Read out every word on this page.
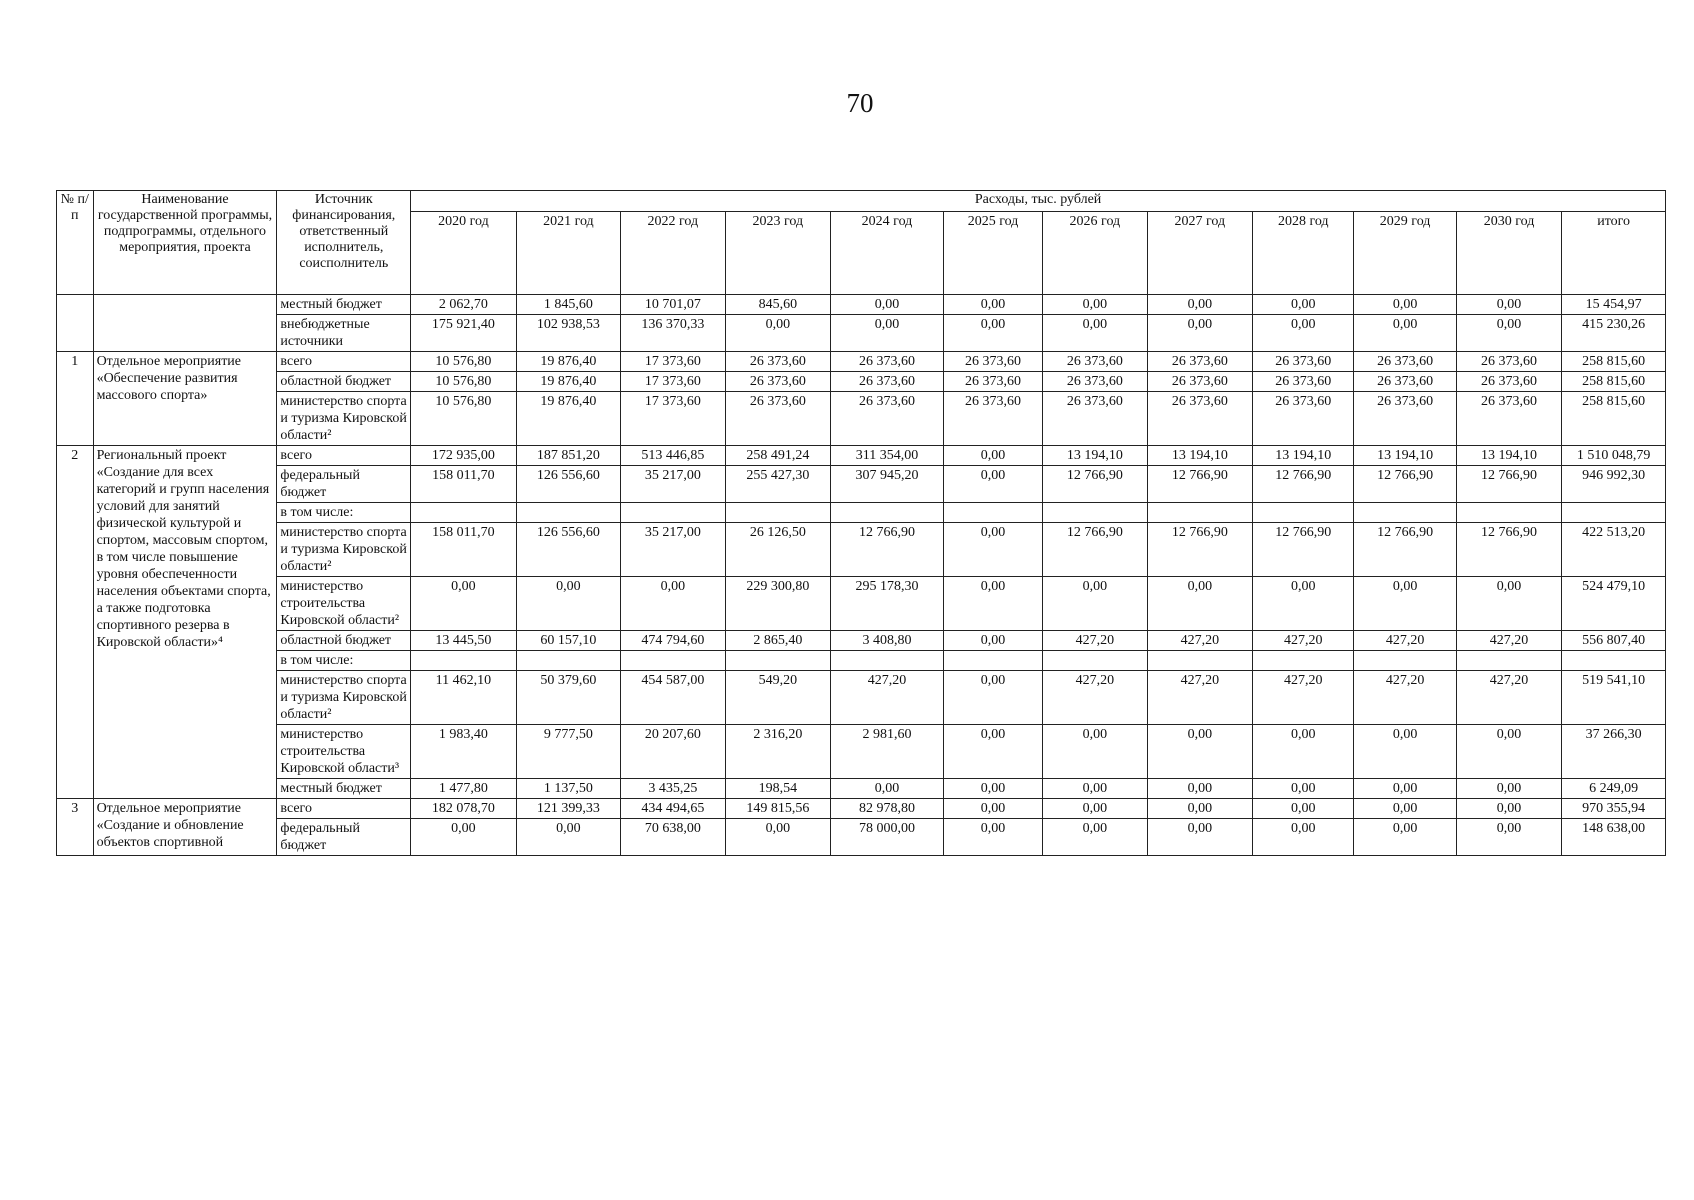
70
№ п/п	Наименование государственной программы, подпрограммы, отдельного мероприятия, проекта	Источник финансирования, ответственный исполнитель, соисполнитель	Расходы, тыс. рублей											
			2020 год	2021 год	2022 год	2023 год	2024 год	2025 год	2026 год	2027 год	2028 год	2029 год	2030 год	итого
		местный бюджет	2 062,70	1 845,60	10 701,07	845,60	0,00	0,00	0,00	0,00	0,00	0,00	0,00	15 454,97
		внебюджетные источники	175 921,40	102 938,53	136 370,33	0,00	0,00	0,00	0,00	0,00	0,00	0,00	0,00	415 230,26
1	Отдельное мероприятие «Обеспечение развития массового спорта»	всего	10 576,80	19 876,40	17 373,60	26 373,60	26 373,60	26 373,60	26 373,60	26 373,60	26 373,60	26 373,60	26 373,60	258 815,60
		областной бюджет	10 576,80	19 876,40	17 373,60	26 373,60	26 373,60	26 373,60	26 373,60	26 373,60	26 373,60	26 373,60	26 373,60	258 815,60
		министерство спорта и туризма Кировской области²	10 576,80	19 876,40	17 373,60	26 373,60	26 373,60	26 373,60	26 373,60	26 373,60	26 373,60	26 373,60	26 373,60	258 815,60
2	Региональный проект «Создание для всех категорий и групп населения условий для занятий физической культурой и спортом, массовым спортом, в том числе повышение уровня обеспеченности населения объектами спорта, а также подготовка спортивного резерва в Кировской области»⁴	всего	172 935,00	187 851,20	513 446,85	258 491,24	311 354,00	0,00	13 194,10	13 194,10	13 194,10	13 194,10	13 194,10	1 510 048,79
		федеральный бюджет	158 011,70	126 556,60	35 217,00	255 427,30	307 945,20	0,00	12 766,90	12 766,90	12 766,90	12 766,90	12 766,90	946 992,30
		в том числе:												
		министерство спорта и туризма Кировской области²	158 011,70	126 556,60	35 217,00	26 126,50	12 766,90	0,00	12 766,90	12 766,90	12 766,90	12 766,90	12 766,90	422 513,20
		министерство строительства Кировской области²	0,00	0,00	0,00	229 300,80	295 178,30	0,00	0,00	0,00	0,00	0,00	0,00	524 479,10
		областной бюджет	13 445,50	60 157,10	474 794,60	2 865,40	3 408,80	0,00	427,20	427,20	427,20	427,20	427,20	556 807,40
		в том числе:												
		министерство спорта и туризма Кировской области²	11 462,10	50 379,60	454 587,00	549,20	427,20	0,00	427,20	427,20	427,20	427,20	427,20	519 541,10
		министерство строительства Кировской области³	1 983,40	9 777,50	20 207,60	2 316,20	2 981,60	0,00	0,00	0,00	0,00	0,00	0,00	37 266,30
		местный бюджет	1 477,80	1 137,50	3 435,25	198,54	0,00	0,00	0,00	0,00	0,00	0,00	0,00	6 249,09
3	Отдельное мероприятие «Создание и обновление объектов спортивной	всего	182 078,70	121 399,33	434 494,65	149 815,56	82 978,80	0,00	0,00	0,00	0,00	0,00	0,00	970 355,94
		федеральный бюджет	0,00	0,00	70 638,00	0,00	78 000,00	0,00	0,00	0,00	0,00	0,00	0,00	148 638,00
